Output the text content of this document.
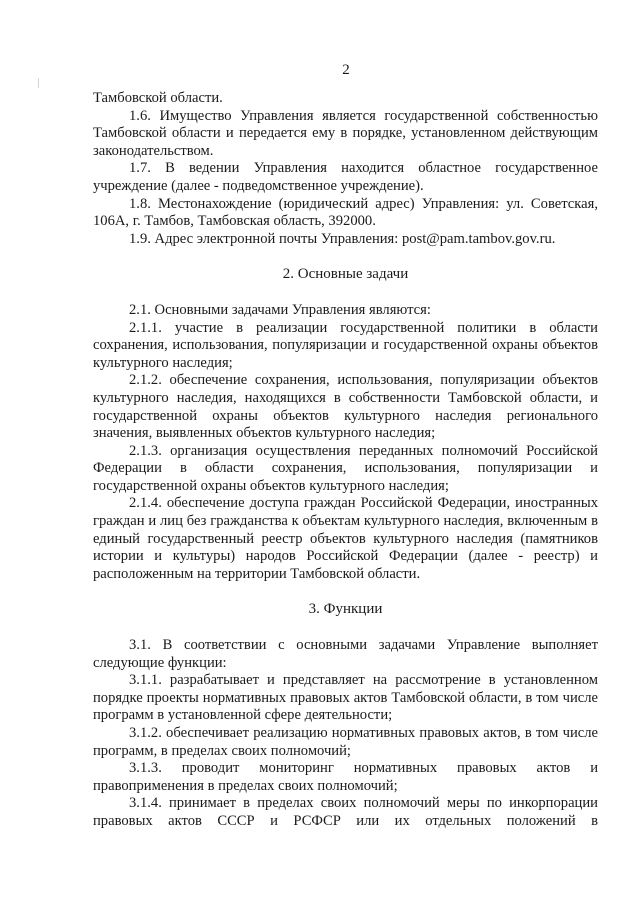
2

Тамбовской области.

1.6. Имущество Управления является государственной собственностью Тамбовской области и передается ему в порядке, установленном действующим законодательством.

1.7. В ведении Управления находится областное государственное учреждение (далее - подведомственное учреждение).

1.8. Местонахождение (юридический адрес) Управления: ул. Советская, 106А, г. Тамбов, Тамбовская область, 392000.

1.9. Адрес электронной почты Управления: post@pam.tambov.gov.ru.

2. Основные задачи

2.1. Основными задачами Управления являются:

2.1.1. участие в реализации государственной политики в области сохранения, использования, популяризации и государственной охраны объектов культурного наследия;

2.1.2. обеспечение сохранения, использования, популяризации объектов культурного наследия, находящихся в собственности Тамбовской области, и государственной охраны объектов культурного наследия регионального значения, выявленных объектов культурного наследия;

2.1.3. организация осуществления переданных полномочий Российской Федерации в области сохранения, использования, популяризации и государственной охраны объектов культурного наследия;

2.1.4. обеспечение доступа граждан Российской Федерации, иностранных граждан и лиц без гражданства к объектам культурного наследия, включенным в единый государственный реестр объектов культурного наследия (памятников истории и культуры) народов Российской Федерации (далее - реестр) и расположенным на территории Тамбовской области.

3. Функции

3.1. В соответствии с основными задачами Управление выполняет следующие функции:

3.1.1. разрабатывает и представляет на рассмотрение в установленном порядке проекты нормативных правовых актов Тамбовской области, в том числе программ в установленной сфере деятельности;

3.1.2. обеспечивает реализацию нормативных правовых актов, в том числе программ, в пределах своих полномочий;

3.1.3. проводит мониторинг нормативных правовых актов и правоприменения в пределах своих полномочий;

3.1.4. принимает в пределах своих полномочий меры по инкорпорации правовых актов СССР и РСФСР или их отдельных положений в
